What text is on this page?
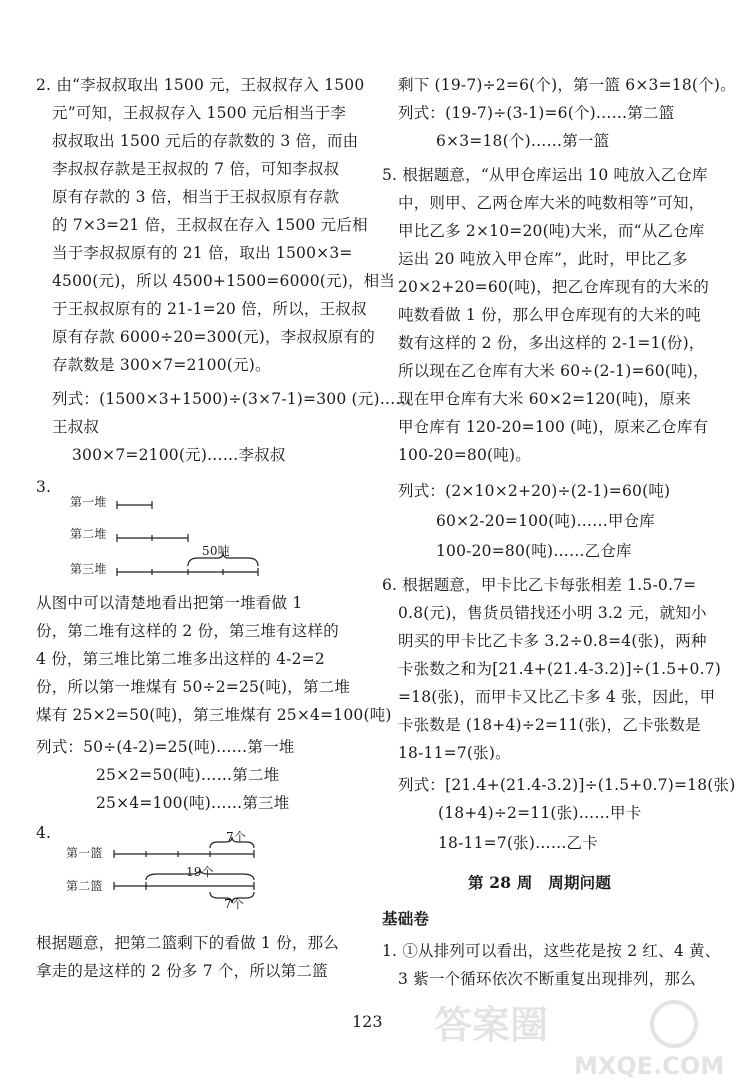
2. 由“李叔叔取出 1500 元，王叔叔存入 1500
元”可知，王叔叔存入 1500 元后相当于李
叔叔取出 1500 元后的存款数的 3 倍，而由
李叔叔存款是王叔叔的 7 倍，可知李叔叔
原有存款的 3 倍，相当于王叔叔原有存款
的 7×3=21 倍，王叔叔在存入 1500 元后相
当于李叔叔原有的 21 倍，取出 1500×3=
4500(元)，所以 4500+1500=6000(元)，相当
于王叔叔原有的 21-1=20 倍，所以，王叔叔
原有存款 6000÷20=300(元)，李叔叔原有的
存款数是 300×7=2100(元)。
列式：(1500×3+1500)÷(3×7-1)=300 (元)……
王叔叔
300×7=2100(元)……李叔叔
3.
第一堆
第二堆
第三堆
50吨
从图中可以清楚地看出把第一堆看做 1
份，第二堆有这样的 2 份，第三堆有这样的
4 份，第三堆比第二堆多出这样的 4-2=2
份，所以第一堆煤有 50÷2=25(吨)，第二堆
煤有 25×2=50(吨)，第三堆煤有 25×4=100(吨)
列式：50÷(4-2)=25(吨)……第一堆
25×2=50(吨)……第二堆
25×4=100(吨)……第三堆
4.	7个
第一篮
19个
第二篮
7个
根据题意，把第二篮剩下的看做 1 份，那么
拿走的是这样的 2 份多 7 个，所以第二篮
剩下 (19-7)÷2=6(个)，第一篮 6×3=18(个)。
列式：(19-7)÷(3-1)=6(个)……第二篮
6×3=18(个)……第一篮
5. 根据题意，“从甲仓库运出 10 吨放入乙仓库
中，则甲、乙两仓库大米的吨数相等”可知，
甲比乙多 2×10=20(吨)大米，而“从乙仓库
运出 20 吨放入甲仓库”，此时，甲比乙多
20×2+20=60(吨)，把乙仓库现有的大米的
吨数看做 1 份，那么甲仓库现有的大米的吨
数有这样的 2 份，多出这样的 2-1=1(份)，
所以现在乙仓库有大米 60÷(2-1)=60(吨)，
现在甲仓库有大米 60×2=120(吨)，原来
甲仓库有 120-20=100 (吨)，原来乙仓库有
100-20=80(吨)。
列式：(2×10×2+20)÷(2-1)=60(吨)
60×2-20=100(吨)……甲仓库
100-20=80(吨)……乙仓库
6. 根据题意，甲卡比乙卡每张相差 1.5-0.7=
0.8(元)，售货员错找还小明 3.2 元，就知小
明买的甲卡比乙卡多 3.2÷0.8=4(张)，两种
卡张数之和为[21.4+(21.4-3.2)]÷(1.5+0.7)
=18(张)，而甲卡又比乙卡多 4 张，因此，甲
卡张数是 (18+4)÷2=11(张)，乙卡张数是
18-11=7(张)。
列式：[21.4+(21.4-3.2)]÷(1.5+0.7)=18(张)
(18+4)÷2=11(张)……甲卡
18-11=7(张)……乙卡
第 28 周　周期问题
基础卷
1. ①从排列可以看出，这些花是按 2 红、4 黄、
3 紫一个循环依次不断重复出现排列，那么
123 答案圈
MXQE.COM
